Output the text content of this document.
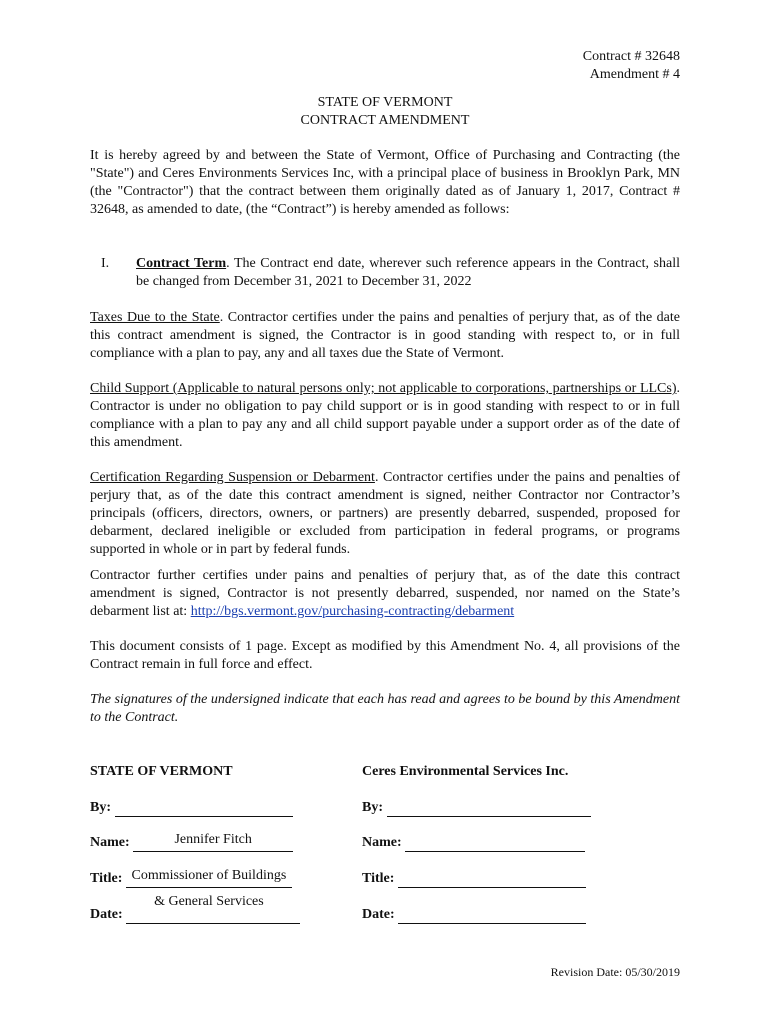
Contract # 32648
Amendment # 4
STATE OF VERMONT
CONTRACT AMENDMENT
It is hereby agreed by and between the State of Vermont, Office of Purchasing and Contracting (the "State") and Ceres Environments Services Inc, with a principal place of business in Brooklyn Park, MN (the "Contractor") that the contract between them originally dated as of January 1, 2017, Contract # 32648, as amended to date, (the “Contract”) is hereby amended as follows:
I. Contract Term. The Contract end date, wherever such reference appears in the Contract, shall be changed from December 31, 2021 to December 31, 2022
Taxes Due to the State. Contractor certifies under the pains and penalties of perjury that, as of the date this contract amendment is signed, the Contractor is in good standing with respect to, or in full compliance with a plan to pay, any and all taxes due the State of Vermont.
Child Support (Applicable to natural persons only; not applicable to corporations, partnerships or LLCs). Contractor is under no obligation to pay child support or is in good standing with respect to or in full compliance with a plan to pay any and all child support payable under a support order as of the date of this amendment.
Certification Regarding Suspension or Debarment. Contractor certifies under the pains and penalties of perjury that, as of the date this contract amendment is signed, neither Contractor nor Contractor’s principals (officers, directors, owners, or partners) are presently debarred, suspended, proposed for debarment, declared ineligible or excluded from participation in federal programs, or programs supported in whole or in part by federal funds.
Contractor further certifies under pains and penalties of perjury that, as of the date this contract amendment is signed, Contractor is not presently debarred, suspended, nor named on the State’s debarment list at: http://bgs.vermont.gov/purchasing-contracting/debarment
This document consists of 1 page. Except as modified by this Amendment No. 4, all provisions of the Contract remain in full force and effect.
The signatures of the undersigned indicate that each has read and agrees to be bound by this Amendment to the Contract.
STATE OF VERMONT
By:
Name:	Jennifer Fitch
Title: Commissioner of Buildings
& General Services
Date:
Ceres Environmental Services Inc.
By:
Name:
Title:
Date:
Revision Date: 05/30/2019
